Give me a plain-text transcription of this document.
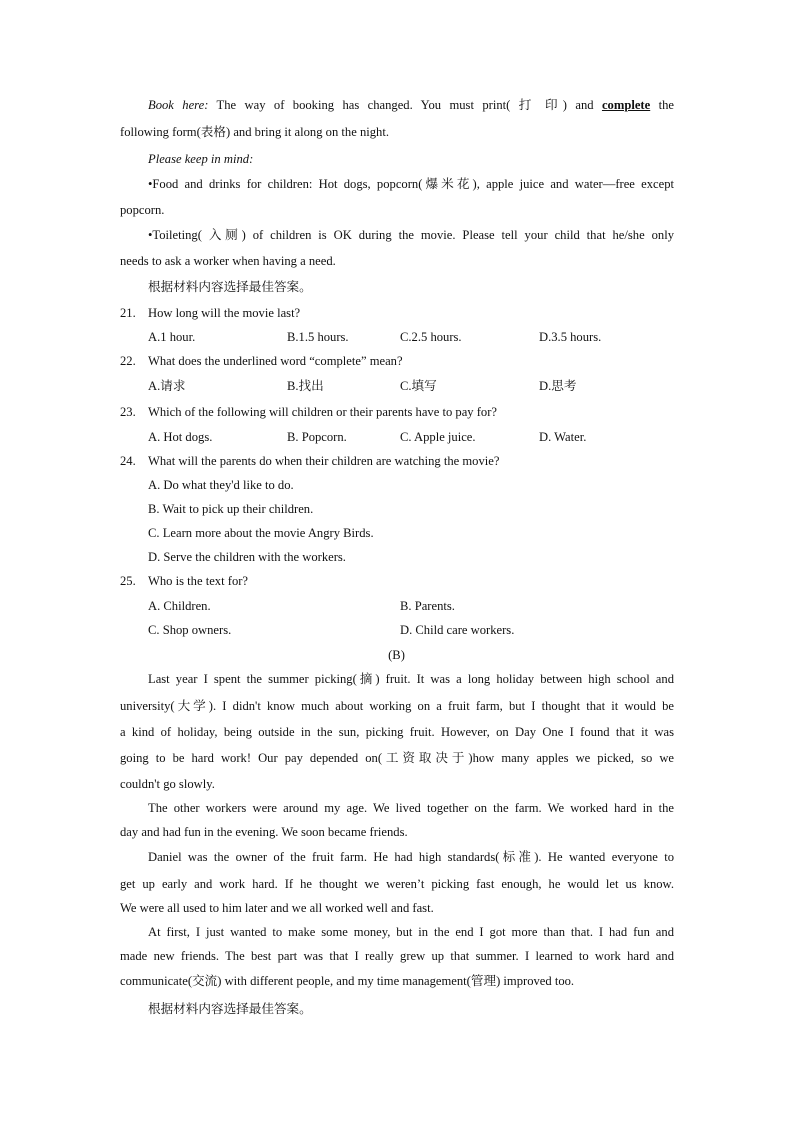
Book here: The way of booking has changed. You must print( 打 印) and complete the
following form(表格) and bring it along on the night.
Please keep in mind:
•Food and drinks for children: Hot dogs, popcorn(爆米花), apple juice and water—free except
popcorn.
•Toileting( 入厕) of children is OK during the movie. Please tell your child that he/she only
needs to ask a worker when having a need.
根据材料内容选择最佳答案。
21. How long will the movie last?
A.1 hour.	B.1.5 hours.	C.2.5 hours.	D.3.5 hours.
22. What does the underlined word “complete” mean?
A.请求	B.找出	C.填写	D.思考
23. Which of the following will children or their parents have to pay for?
A. Hot dogs.	B. Popcorn.	C. Apple juice.	D. Water.
24. What will the parents do when their children are watching the movie?
A. Do what they'd like to do.
B. Wait to pick up their children.
C. Learn more about the movie Angry Birds.
D. Serve the children with the workers.
25. Who is the text for?
A. Children.	B. Parents.
C. Shop owners.	D. Child care workers.
(B)
Last year I spent the summer picking(摘) fruit. It was a long holiday between high school and
university(大学). I didn't know much about working on a fruit farm, but I thought that it would be
a kind of holiday, being outside in the sun, picking fruit. However, on Day One I found that it was
going to be hard work! Our pay depended on(工资取决于)how many apples we picked, so we
couldn't go slowly.
The other workers were around my age. We lived together on the farm. We worked hard in the
day and had fun in the evening. We soon became friends.
Daniel was the owner of the fruit farm. He had high standards(标准). He wanted everyone to
get up early and work hard. If he thought we weren’t picking fast enough, he would let us know.
We were all used to him later and we all worked well and fast.
At first, I just wanted to make some money, but in the end I got more than that. I had fun and
made new friends. The best part was that I really grew up that summer. I learned to work hard and
communicate(交流) with different people, and my time management(管理) improved too.
根据材料内容选择最佳答案。
